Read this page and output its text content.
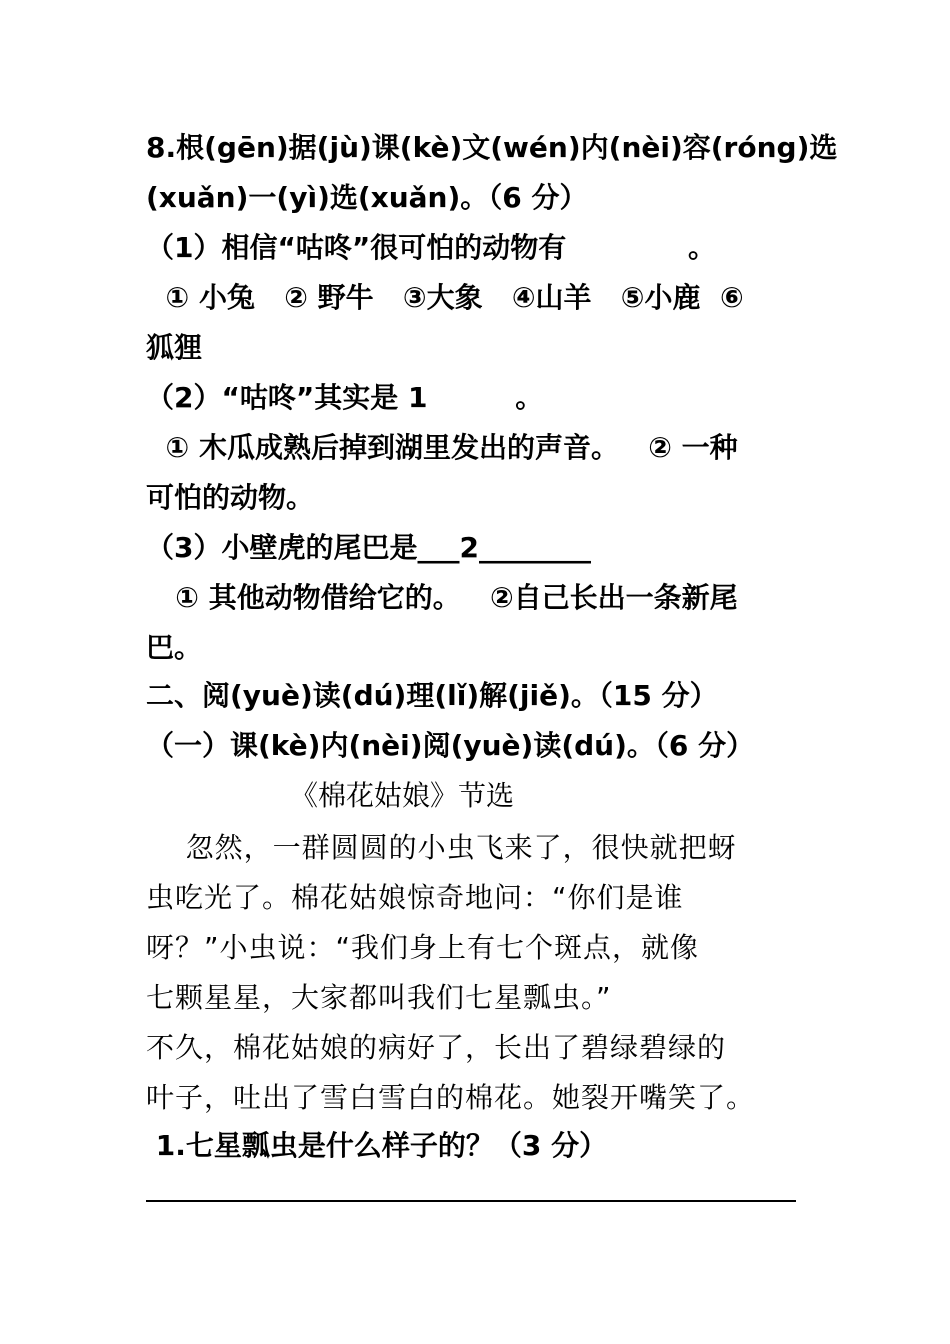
8.根(gēn)据(jù)课(kè)文(wén)内(nèi)容(róng)选
(xuǎn)一(yì)选(xuǎn)。（6 分）
（1）相信“咕咚”很可怕的动物有　　　　 。
① 小兔   ② 野牛   ③大象   ④山羊   ⑤小鹿  ⑥
狐狸
（2）“咕咚”其实是 1         。
① 木瓜成熟后掉到湖里发出的声音。   ② 一种
可怕的动物。
（3）小壁虎的尾巴是___2________
① 其他动物借给它的。   ②自己长出一条新尾
巴。
二、阅(yuè)读(dú)理(lǐ)解(jiě)。（15 分）
（一）课(kè)内(nèi)阅(yuè)读(dú)。（6 分）
《棉花姑娘》节选
忽然，一群圆圆的小虫飞来了，很快就把蚜
虫吃光了。棉花姑娘惊奇地问：“你们是谁
呀？”小虫说：“我们身上有七个斑点，就像
七颗星星，大家都叫我们七星瓢虫。”
不久，棉花姑娘的病好了，长出了碧绿碧绿的
叶子，吐出了雪白雪白的棉花。她裂开嘴笑了。
1.七星瓢虫是什么样子的？（3 分）
